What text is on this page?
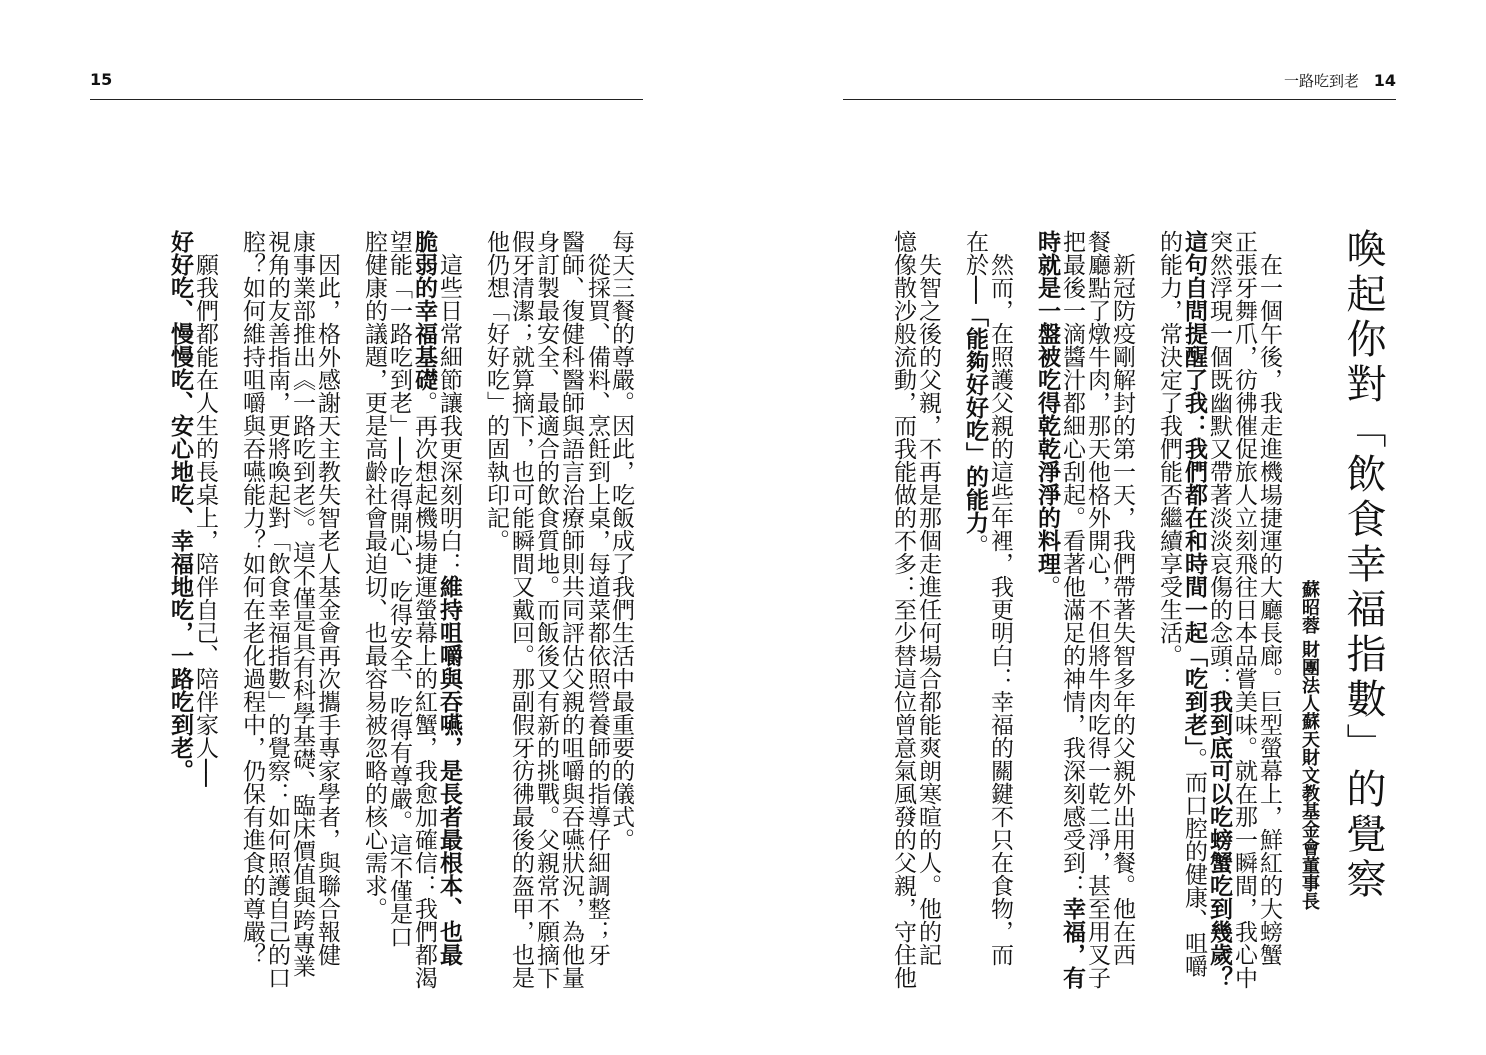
15
每天三餐的尊嚴。因此，吃飯成了我們生活中最重要的儀式。
　從採買、備料、烹飪到上桌，每道菜都依照營養師的指導仔細調整；牙
醫師、復健科醫師與語言治療師則共同評估父親的咀嚼與吞嚥狀況，為他量
身訂製最安全、最適合的飲食質地。而飯後又有新的挑戰。父親常不願摘下
假牙清潔；就算摘下，也可能瞬間又戴回。那副假牙彷彿最後的盔甲，也是
他仍想「好好吃」的固執印記。
　這些日常細節讓我更深刻明白：維持咀嚼與吞嚥，是長者最根本、也最
脆弱的幸福基礎。再次想起機場捷運螢幕上的紅蟹，我愈加確信：我們都渴
望能「一路吃到老」──吃得開心、吃得安全、吃得有尊嚴。這不僅是口
腔健康的議題，更是高齡社會最迫切、也最容易被忽略的核心需求。
　因此，格外感謝天主教失智老人基金會再次攜手專家學者，與聯合報健
康事業部推出《一路吃到老》。這不僅是具有科學基礎、臨床價值與跨專業
視角的友善指南，更將喚起對「飲食幸福指數」的覺察：如何照護自己的口
腔？如何維持咀嚼與吞嚥能力？如何在老化過程中，仍保有進食的尊嚴？
　願我們都能在人生的長桌上，陪伴自己、陪伴家人──
好好吃、慢慢吃、安心地吃、幸福地吃，一路吃到老。
一路吃到老 14
喚起你對「飲食幸福指數」的覺察
蘇昭蓉 財團法人蘇天財文教基金會董事長
　在一個午後，我走進機場捷運的大廳長廊。巨型螢幕上，鮮紅的大螃蟹
正張牙舞爪，彷彿催促旅人立刻飛往日本品嘗美味。就在那一瞬間，我心中
突然浮現一個既幽默又帶著淡淡哀傷的念頭：我到底可以吃螃蟹吃到幾歲？
這句自問提醒了我：我們都在和時間一起「吃到老」。而口腔的健康、咀嚼
的能力，常決定了我們能否繼續享受生活。
　新冠防疫剛解封的第一天，我們帶著失智多年的父親外出用餐。他在西
餐廳點了燉牛肉，那天他格外開心，不但將牛肉吃得一乾二淨，甚至用叉子
把最後一滴醬汁都細心刮起。看著他滿足的神情，我深刻感受到：幸福，有
時就是一盤被吃得乾乾淨淨的料理。
　然而，在照護父親的這些年裡，我更明白：幸福的關鍵不只在食物，而
在於──「能夠好好吃」的能力。
　失智之後的父親，不再是那個走進任何場合都能爽朗寒暄的人。他的記
憶像散沙般流動，而我能做的不多：至少替這位曾意氣風發的父親，守住他
